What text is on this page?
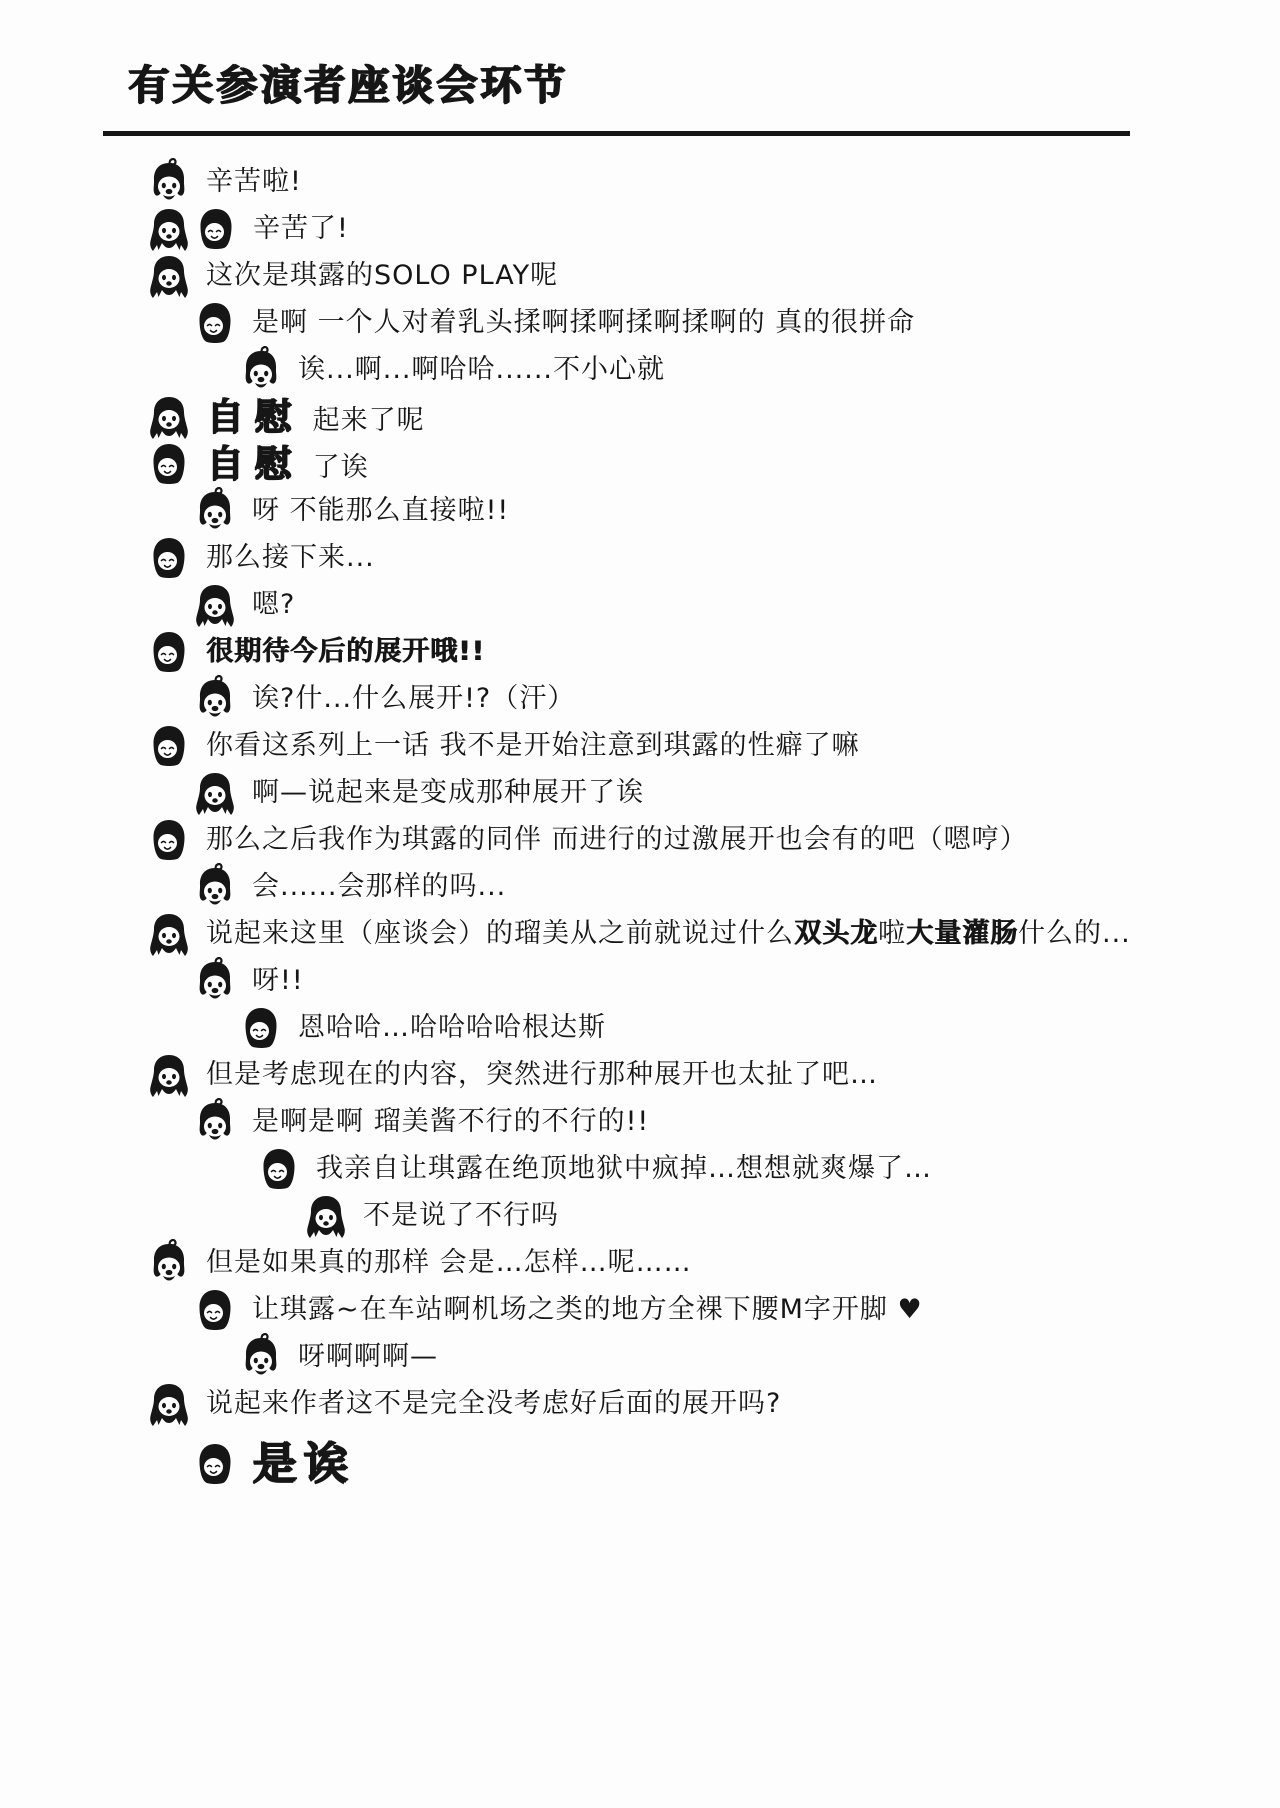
有关参演者座谈会环节
辛苦啦!
辛苦了!
这次是琪露的SOLO PLAY呢
是啊 一个人对着乳头揉啊揉啊揉啊揉啊的 真的很拼命
诶...啊...啊哈哈......不小心就
自慰 起来了呢
自慰 了诶
呀 不能那么直接啦!!
那么接下来...
嗯?
很期待今后的展开哦!!
诶?什...什么展开!?（汗）
你看这系列上一话 我不是开始注意到琪露的性癖了嘛
啊—说起来是变成那种展开了诶
那么之后我作为琪露的同伴 而进行的过激展开也会有的吧（嗯哼）
会......会那样的吗...
说起来这里（座谈会）的瑠美从之前就说过什么双头龙啦大量灌肠什么的...
呀!!
恩哈哈…哈哈哈哈根达斯
但是考虑现在的内容，突然进行那种展开也太扯了吧…
是啊是啊 瑠美酱不行的不行的!!
我亲自让琪露在绝顶地狱中疯掉…想想就爽爆了…
不是说了不行吗
但是如果真的那样 会是…怎样…呢……
让琪露~在车站啊机场之类的地方全裸下腰M字开脚 ♥
呀啊啊啊—
说起来作者这不是完全没考虑好后面的展开吗?
是诶
